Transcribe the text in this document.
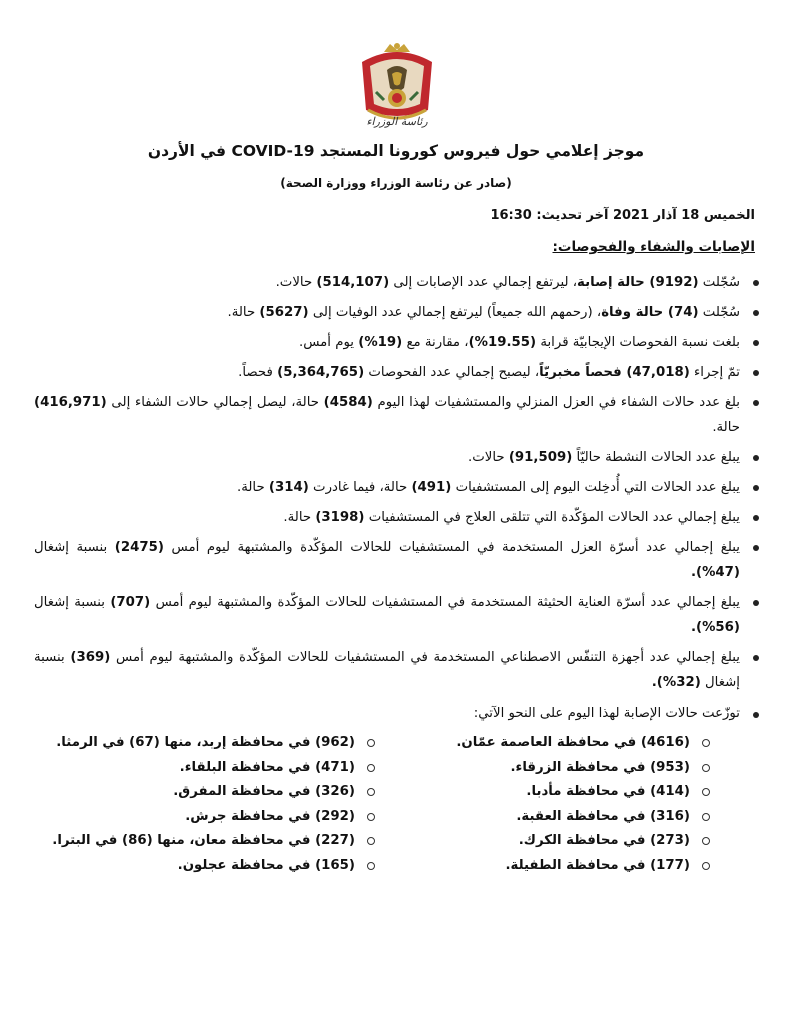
رئاسة الوزراء
موجز إعلامي حول فيروس كورونا المستجد COVID-19 في الأردن
(صادر عن رئاسة الوزراء ووزارة الصحة)
الخميس 18 آذار 2021 آخر تحديث: 16:30
الإصابات والشفاء والفحوصات:
سُجّلت (9192) حالة إصابة، ليرتفع إجمالي عدد الإصابات إلى (514,107) حالات.
سُجّلت (74) حالة وفاة، (رحمهم الله جميعاً) ليرتفع إجمالي عدد الوفيات إلى (5627) حالة.
بلغت نسبة الفحوصات الإيجابيّة قرابة (19.55%)، مقارنة مع (19%) يوم أمس.
تمّ إجراء (47,018) فحصاً مخبريّاً، ليصبح إجمالي عدد الفحوصات (5,364,765) فحصاً.
بلغ عدد حالات الشفاء في العزل المنزلي والمستشفيات لهذا اليوم (4584) حالة، ليصل إجمالي حالات الشفاء إلى (416,971) حالة.
يبلغ عدد الحالات النشطة حاليّاً (91,509) حالات.
يبلغ عدد الحالات التي أُدخِلت اليوم إلى المستشفيات (491) حالة، فيما غادرت (314) حالة.
يبلغ إجمالي عدد الحالات المؤكّدة التي تتلقى العلاج في المستشفيات (3198) حالة.
يبلغ إجمالي عدد أسرّة العزل المستخدمة في المستشفيات للحالات المؤكّدة والمشتبهة ليوم أمس (2475) بنسبة إشغال (47%).
يبلغ إجمالي عدد أسرّة العناية الحثيثة المستخدمة في المستشفيات للحالات المؤكّدة والمشتبهة ليوم أمس (707) بنسبة إشغال (56%).
يبلغ إجمالي عدد أجهزة التنفّس الاصطناعي المستخدمة في المستشفيات للحالات المؤكّدة والمشتبهة ليوم أمس (369) بنسبة إشغال (32%).
توزّعت حالات الإصابة لهذا اليوم على النحو الآتي:
(4616) في محافظة العاصمة عمّان.
(953) في محافظة الزرقاء.
(414) في محافظة مأدبا.
(316) في محافظة العقبة.
(273) في محافظة الكرك.
(177) في محافظة الطفيلة.
(962) في محافظة إربد، منها (67) في الرمثا.
(471) في محافظة البلقاء.
(326) في محافظة المفرق.
(292) في محافظة جرش.
(227) في محافظة معان، منها (86) في البترا.
(165) في محافظة عجلون.
